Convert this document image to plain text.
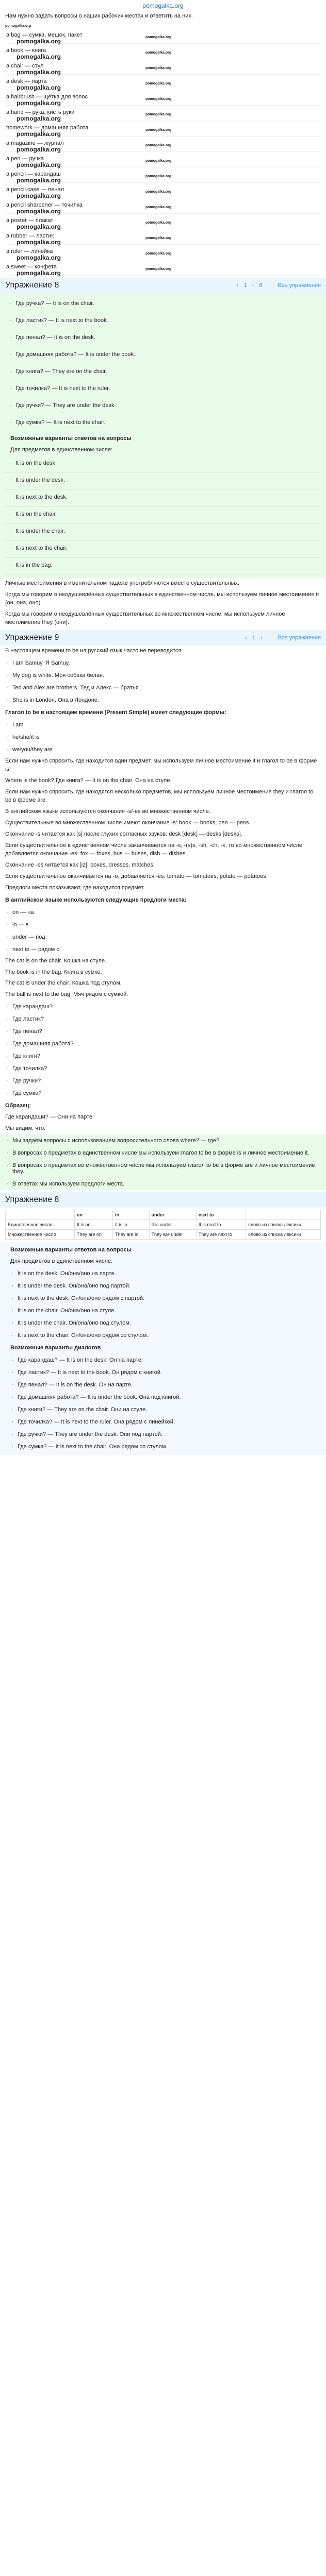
pomogalka.org

Нам нужно задать вопросы о наших рабочих местах и ответить на них.

pomogalka.org
a bag — сумка, мешок, пакет
pomogalka.org
pomogalka.org
a book — книга
pomogalka.org
pomogalka.org
a chair — стул
pomogalka.org
pomogalka.org
a desk — парта
pomogalka.org
pomogalka.org
a hairbrush — щётка для волос
pomogalka.org
pomogalka.org
a hand — рука, кисть руки
pomogalka.org
pomogalka.org
homework — домашняя работа
pomogalka.org
pomogalka.org
a magazine — журнал
pomogalka.org
pomogalka.org
a pen — ручка
pomogalka.org
pomogalka.org
a pencil — карандаш
pomogalka.org
pomogalka.org
a pencil case — пенал
pomogalka.org
pomogalka.org
a pencil sharpener — точилка
pomogalka.org
pomogalka.org
a poster — плакат
pomogalka.org
pomogalka.org
a rubber — ластик
pomogalka.org
pomogalka.org
a ruler — линейка
pomogalka.org
pomogalka.org
a sweet — конфета
pomogalka.org
pomogalka.org
Упражнение 8	‹ 1 › 8	Все упражнения
· Где ручка? — It is on the chair.
· Где ластик? — It is next to the book.
· Где пенал? — It is on the desk.
· Где домашняя работа? — It is under the book.
· Где книга? — They are on the chair.
· Где точилка? — It is next to the ruler.
· Где ручки? — They are under the desk.
· Где сумка? — It is next to the chair.

Возможные варианты ответов на вопросы

Для предметов в единственном числе:

· It is on the desk.
· It is under the desk.
· It is next to the desk.
· It is on the chair.
· It is under the chair.
· It is next to the chair.
· It is in the bag.

Личные местоимения в именительном падеже употребляются вместо существительных.

Когда мы говорим о неодушевлённых существительных в единственном числе, мы используем личное местоимение it (он, она, оно).

Когда мы говорим о неодушевлённых существительных во множественном числе, мы используем личное местоимение they (они).

Упражнение 9	‹ 1 ›	Все упражнения

В настоящем времени to be на русский язык часто не переводится.

· I am Samuy. Я Samuy.
· My dog is white. Моя собака белая.
· Ted and Alex are brothers. Тед и Алекс — братья.
· She is in London. Она в Лондоне.

Глагол to be в настоящем времени (Present Simple) имеет следующие формы:

· I am
· he/she/it is
· we/you/they are

Если нам нужно спросить, где находится один предмет, мы используем личное местоимение it и глагол to be в форме is.

Where is the book? Где книга? — It is on the chair. Она на стуле.

Если нам нужно спросить, где находятся несколько предметов, мы используем личное местоимение they и глагол to be в форме are.

В английском языке используются окончания -s/-es во множественном числе.

Существительные во множественном числе имеют окончание -s: book — books, pen — pens.

Окончание -s читается как [s] после глухих согласных звуков: desk [desk] — desks [desks].

Если существительное в единственном числе заканчивается на -s, -(s)s, -sh, -ch, -x, то во множественном числе добавляется окончание -es: fox — foxes, bus — buses, dish — dishes.

Окончание -es читается как [ız]: boxes, dresses, matches.

Если существительное оканчивается на -o, добавляется -es: tomato — tomatoes, potato — potatoes.

Предлоги места показывают, где находится предмет.

В английском языке используются следующие предлоги места:

· on — на
· in — в
· under — под
· next to — рядом с

The cat is on the chair. Кошка на стуле.

The book is in the bag. Книга в сумке.

The cat is under the chair. Кошка под стулом.

The ball is next to the bag. Мяч рядом с сумкой.

· Где карандаш?
· Где ластик?
· Где пенал?
· Где домашняя работа?
· Где книги?
· Где точилка?
· Где ручки?
· Где сумка?

Образец:

Где карандаши? — Они на парте.

Мы видим, что:

· Мы задаём вопросы с использованием вопросительного слова where? — где?
· В вопросах о предметах в единственном числе мы используем глагол to be в форме is и личное местоимение it.
· В вопросах о предметах во множественном числе мы используем глагол to be в форме are и личное местоимение they.
· В ответах мы используем предлоги места.
Упражнение 8
	on	in	under	next to	
Единственное число	It is on	It is in	It is under	It is next to	слово из списка лексики
Множественное число	They are on	They are in	They are under	They are next to	слово из списка лексики

Возможные варианты ответов на вопросы

Для предметов в единственном числе:

· It is on the desk. Он/она/оно на парте.
· It is under the desk. Он/она/оно под партой.
· It is next to the desk. Он/она/оно рядом с партой.
· It is on the chair. Он/она/оно на стуле.
· It is under the chair. Он/она/оно под стулом.
· It is next to the chair. Он/она/оно рядом со стулом.

Возможные варианты диалогов

· Где карандаш? — It is on the desk. Он на парте.
· Где ластик? — It is next to the book. Он рядом с книгой.
· Где пенал? — It is on the desk. Он на парте.
· Где домашняя работа? — It is under the book. Она под книгой.
· Где книги? — They are on the chair. Они на стуле.
· Где точилка? — It is next to the ruler. Она рядом с линейкой.
· Где ручки? — They are under the desk. Они под партой.
· Где сумка? — It is next to the chair. Она рядом со стулом.
